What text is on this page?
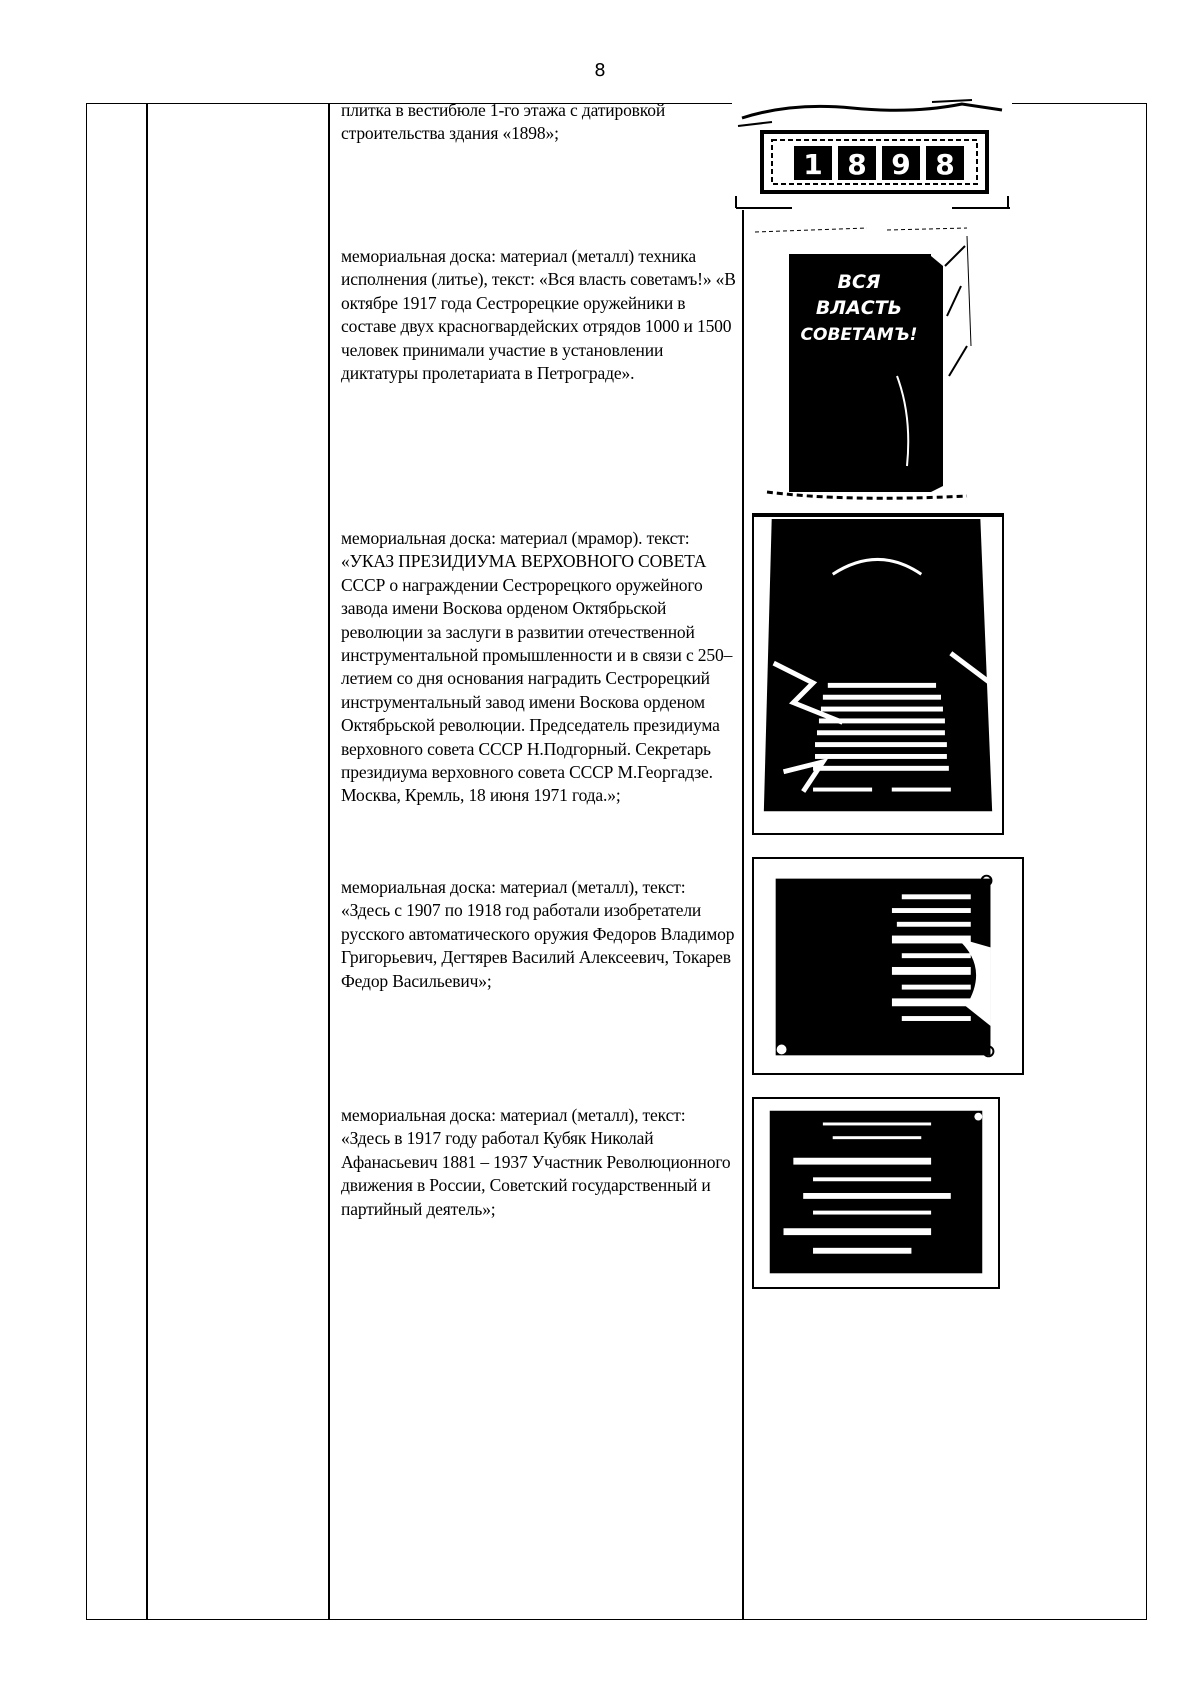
8
плитка в вестибюле 1-го этажа с датировкой строительства здания «1898»;
1 8 9 8
мемориальная доска: материал (металл) техника исполнения (литье), текст: «Вся власть советамъ!» «В октябре 1917 года Сестрорецкие оружейники в составе двух красногвардейских отрядов 1000 и 1500 человек принимали участие в установлении диктатуры пролетариата в Петрограде».
ВСЯ
ВЛАСТЬ
СОВЕТАМЪ!
мемориальная доска: материал (мрамор). текст: «УКАЗ ПРЕЗИДИУМА ВЕРХОВНОГО СОВЕТА СССР о награждении Сестрорецкого оружейного завода имени Воскова орденом Октябрьской революции за заслуги в развитии отечественной инструментальной промышленности и в связи с 250–летием со дня основания наградить Сестрорецкий инструментальный завод имени Воскова орденом Октябрьской революции. Председатель президиума верховного совета СССР Н.Подгорный. Секретарь президиума верховного совета СССР М.Георгадзе. Москва, Кремль, 18 июня 1971 года.»;
мемориальная доска: материал (металл), текст: «Здесь с 1907 по 1918 год работали изобретатели русского автоматического оружия Федоров Владимор Григорьевич, Дегтярев Василий Алексеевич, Токарев Федор Васильевич»;
мемориальная доска: материал (металл), текст: «Здесь в 1917 году работал Кубяк Николай Афанасьевич 1881 – 1937 Участник Революционного движения в России, Советский государственный и партийный деятель»;
